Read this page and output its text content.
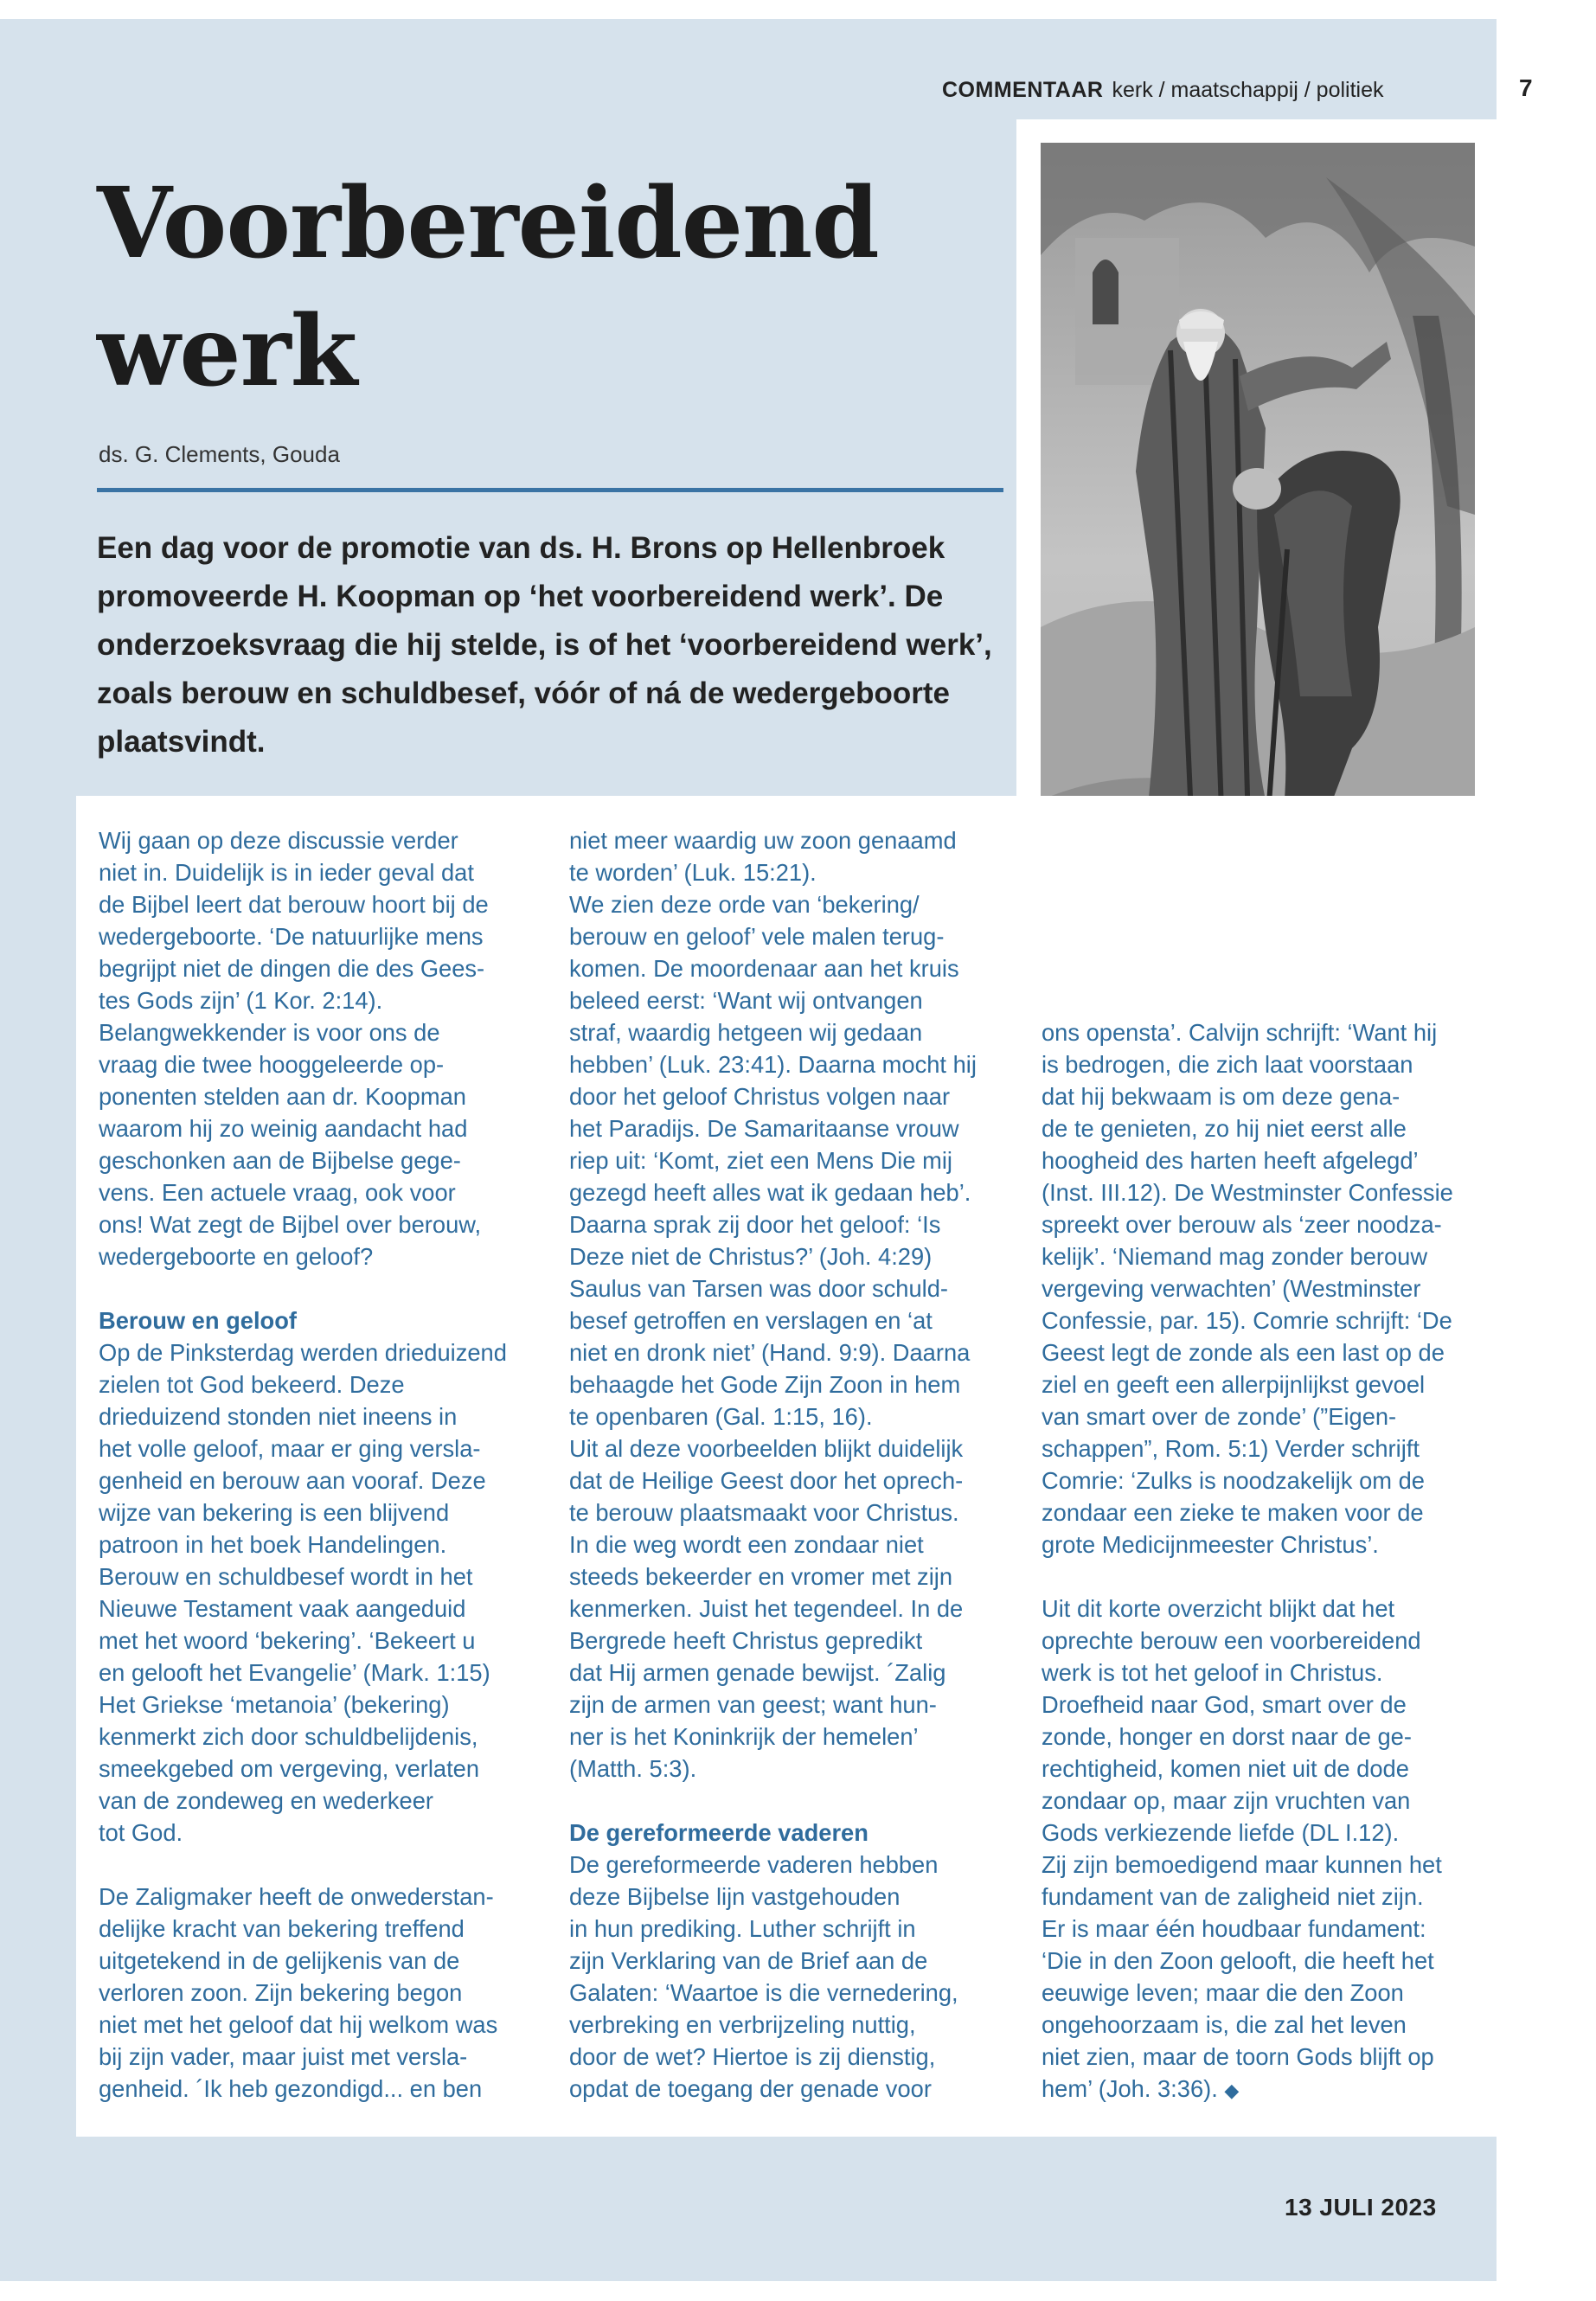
COMMENTAAR kerk / maatschappij / politiek	7
Voorbereidend
werk
ds. G. Clements, Gouda

Een dag voor de promotie van ds. H. Brons op Hellenbroek promoveerde H. Koopman op ‘het voorbereidend werk’. De onderzoeksvraag die hij stelde, is of het ‘voorbereidend werk’, zoals berouw en schuldbesef, vóór of ná de wedergeboorte plaatsvindt.

Wij gaan op deze discussie verder
niet in. Duidelijk is in ieder geval dat
de Bijbel leert dat berouw hoort bij de
wedergeboorte. ‘De natuurlijke mens
begrijpt niet de dingen die des Gees-
tes Gods zijn’ (1 Kor. 2:14).
Belangwekkender is voor ons de
vraag die twee hooggeleerde op-
ponenten stelden aan dr. Koopman
waarom hij zo weinig aandacht had
geschonken aan de Bijbelse gege-
vens. Een actuele vraag, ook voor
ons! Wat zegt de Bijbel over berouw,
wedergeboorte en geloof?
Berouw en geloof
Op de Pinksterdag werden drieduizend zielen tot God bekeerd. Deze
drieduizend stonden niet ineens in
het volle geloof, maar er ging versla-
genheid en berouw aan vooraf. Deze
wijze van bekering is een blijvend
patroon in het boek Handelingen.
Berouw en schuldbesef wordt in het
Nieuwe Testament vaak aangeduid
met het woord ‘bekering’. ‘Bekeert u
en gelooft het Evangelie’ (Mark. 1:15)
Het Griekse ‘metanoia’ (bekering)
kenmerkt zich door schuldbelijdenis,
smeekgebed om vergeving, verlaten
van de zondeweg en wederkeer
tot God.
De Zaligmaker heeft de onwederstan-
delijke kracht van bekering treffend
uitgetekend in de gelijkenis van de
verloren zoon. Zijn bekering begon
niet met het geloof dat hij welkom was
bij zijn vader, maar juist met versla-
genheid. ´Ik heb gezondigd... en ben
niet meer waardig uw zoon genaamd
te worden’ (Luk. 15:21).
We zien deze orde van ‘bekering/
berouw en geloof’ vele malen terug-
komen. De moordenaar aan het kruis
beleed eerst: ‘Want wij ontvangen
straf, waardig hetgeen wij gedaan
hebben’ (Luk. 23:41). Daarna mocht hij
door het geloof Christus volgen naar
het Paradijs. De Samaritaanse vrouw
riep uit: ‘Komt, ziet een Mens Die mij
gezegd heeft alles wat ik gedaan heb’.
Daarna sprak zij door het geloof: ‘Is
Deze niet de Christus?’ (Joh. 4:29)
Saulus van Tarsen was door schuld-
besef getroffen en verslagen en ‘at
niet en dronk niet’ (Hand. 9:9). Daarna
behaagde het Gode Zijn Zoon in hem
te openbaren (Gal. 1:15, 16).
Uit al deze voorbeelden blijkt duidelijk
dat de Heilige Geest door het oprech-
te berouw plaatsmaakt voor Christus.
In die weg wordt een zondaar niet
steeds bekeerder en vromer met zijn
kenmerken. Juist het tegendeel. In de
Bergrede heeft Christus gepredikt
dat Hij armen genade bewijst. ´Zalig
zijn de armen van geest; want hun-
ner is het Koninkrijk der hemelen’
(Matth. 5:3).
De gereformeerde vaderen
De gereformeerde vaderen hebben
deze Bijbelse lijn vastgehouden
in hun prediking. Luther schrijft in
zijn Verklaring van de Brief aan de
Galaten: ‘Waartoe is die vernedering,
verbreking en verbrijzeling nuttig,
door de wet? Hiertoe is zij dienstig,
opdat de toegang der genade voor
ons opensta’. Calvijn schrijft: ‘Want hij
is bedrogen, die zich laat voorstaan
dat hij bekwaam is om deze gena-
de te genieten, zo hij niet eerst alle
hoogheid des harten heeft afgelegd’
(Inst. III.12). De Westminster Confessie
spreekt over berouw als ‘zeer noodza-
kelijk’. ‘Niemand mag zonder berouw
vergeving verwachten’ (Westminster
Confessie, par. 15). Comrie schrijft: ‘De
Geest legt de zonde als een last op de
ziel en geeft een allerpijnlijkst gevoel
van smart over de zonde’ (”Eigen-
schappen”, Rom. 5:1) Verder schrijft
Comrie: ‘Zulks is noodzakelijk om de
zondaar een zieke te maken voor de
grote Medicijnmeester Christus’.
Uit dit korte overzicht blijkt dat het
oprechte berouw een voorbereidend
werk is tot het geloof in Christus.
Droefheid naar God, smart over de
zonde, honger en dorst naar de ge-
rechtigheid, komen niet uit de dode
zondaar op, maar zijn vruchten van
Gods verkiezende liefde (DL I.12).
Zij zijn bemoedigend maar kunnen het
fundament van de zaligheid niet zijn.
Er is maar één houdbaar fundament:
‘Die in den Zoon gelooft, die heeft het
eeuwige leven; maar die den Zoon
ongehoorzaam is, die zal het leven
niet zien, maar de toorn Gods blijft op
hem’ (Joh. 3:36). ◆
13 JULI 2023
